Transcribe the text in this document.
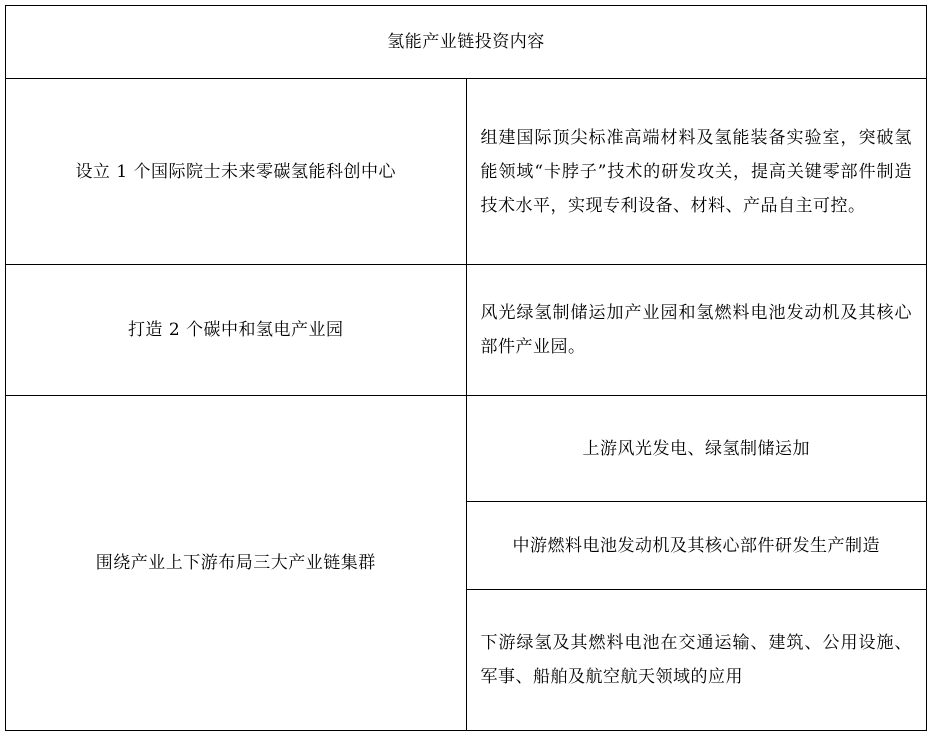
氢能产业链投资内容	
设立 1 个国际院士未来零碳氢能科创中心	组建国际顶尖标准高端材料及氢能装备实验室，突破氢能领域“卡脖子”技术的研发攻关，提高关键零部件制造技术水平，实现专利设备、材料、产品自主可控。
打造 2 个碳中和氢电产业园	风光绿氢制储运加产业园和氢燃料电池发动机及其核心部件产业园。
围绕产业上下游布局三大产业链集群	上游风光发电、绿氢制储运加
	中游燃料电池发动机及其核心部件研发生产制造
	下游绿氢及其燃料电池在交通运输、建筑、公用设施、军事、船舶及航空航天领域的应用
